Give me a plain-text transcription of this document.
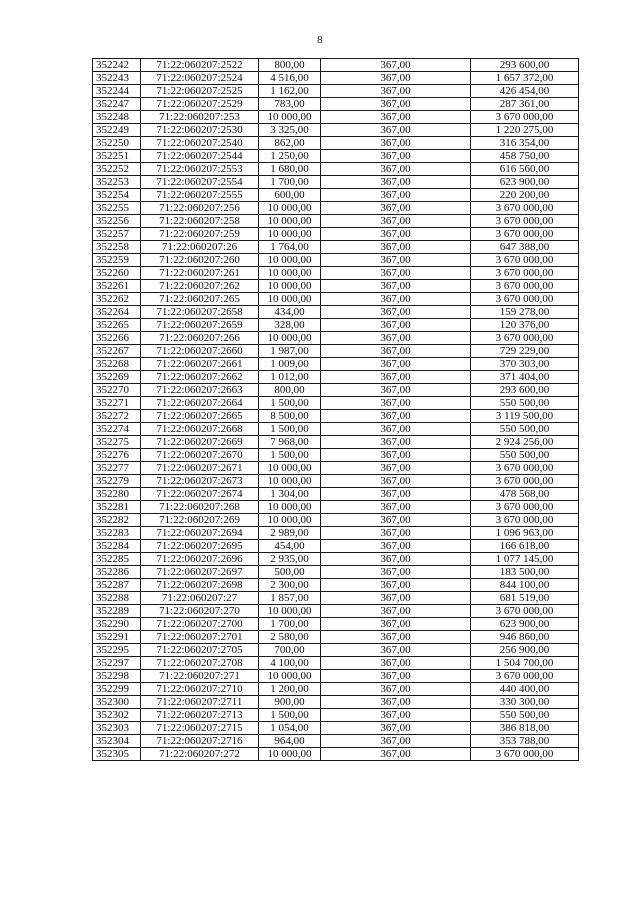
8
352242	71:22:060207:2522	800,00	367,00	293 600,00
352243	71:22:060207:2524	4 516,00	367,00	1 657 372,00
352244	71:22:060207:2525	1 162,00	367,00	426 454,00
352247	71:22:060207:2529	783,00	367,00	287 361,00
352248	71:22:060207:253	10 000,00	367,00	3 670 000,00
352249	71:22:060207:2530	3 325,00	367,00	1 220 275,00
352250	71:22:060207:2540	862,00	367,00	316 354,00
352251	71:22:060207:2544	1 250,00	367,00	458 750,00
352252	71:22:060207:2553	1 680,00	367,00	616 560,00
352253	71:22:060207:2554	1 700,00	367,00	623 900,00
352254	71:22:060207:2555	600,00	367,00	220 200,00
352255	71:22:060207:256	10 000,00	367,00	3 670 000,00
352256	71:22:060207:258	10 000,00	367,00	3 670 000,00
352257	71:22:060207:259	10 000,00	367,00	3 670 000,00
352258	71:22:060207:26	1 764,00	367,00	647 388,00
352259	71:22:060207:260	10 000,00	367,00	3 670 000,00
352260	71:22:060207:261	10 000,00	367,00	3 670 000,00
352261	71:22:060207:262	10 000,00	367,00	3 670 000,00
352262	71:22:060207:265	10 000,00	367,00	3 670 000,00
352264	71:22:060207:2658	434,00	367,00	159 278,00
352265	71:22:060207:2659	328,00	367,00	120 376,00
352266	71:22:060207:266	10 000,00	367,00	3 670 000,00
352267	71:22:060207:2660	1 987,00	367,00	729 229,00
352268	71:22:060207:2661	1 009,00	367,00	370 303,00
352269	71:22:060207:2662	1 012,00	367,00	371 404,00
352270	71:22:060207:2663	800,00	367,00	293 600,00
352271	71:22:060207:2664	1 500,00	367,00	550 500,00
352272	71:22:060207:2665	8 500,00	367,00	3 119 500,00
352274	71:22:060207:2668	1 500,00	367,00	550 500,00
352275	71:22:060207:2669	7 968,00	367,00	2 924 256,00
352276	71:22:060207:2670	1 500,00	367,00	550 500,00
352277	71:22:060207:2671	10 000,00	367,00	3 670 000,00
352279	71:22:060207:2673	10 000,00	367,00	3 670 000,00
352280	71:22:060207:2674	1 304,00	367,00	478 568,00
352281	71:22:060207:268	10 000,00	367,00	3 670 000,00
352282	71:22:060207:269	10 000,00	367,00	3 670 000,00
352283	71:22:060207:2694	2 989,00	367,00	1 096 963,00
352284	71:22:060207:2695	454,00	367,00	166 618,00
352285	71:22:060207:2696	2 935,00	367,00	1 077 145,00
352286	71:22:060207:2697	500,00	367,00	183 500,00
352287	71:22:060207:2698	2 300,00	367,00	844 100,00
352288	71:22:060207:27	1 857,00	367,00	681 519,00
352289	71:22:060207:270	10 000,00	367,00	3 670 000,00
352290	71:22:060207:2700	1 700,00	367,00	623 900,00
352291	71:22:060207:2701	2 580,00	367,00	946 860,00
352295	71:22:060207:2705	700,00	367,00	256 900,00
352297	71:22:060207:2708	4 100,00	367,00	1 504 700,00
352298	71:22:060207:271	10 000,00	367,00	3 670 000,00
352299	71:22:060207:2710	1 200,00	367,00	440 400,00
352300	71:22:060207:2711	900,00	367,00	330 300,00
352302	71:22:060207:2713	1 500,00	367,00	550 500,00
352303	71:22:060207:2715	1 054,00	367,00	386 818,00
352304	71:22:060207:2716	964,00	367,00	353 788,00
352305	71:22:060207:272	10 000,00	367,00	3 670 000,00
